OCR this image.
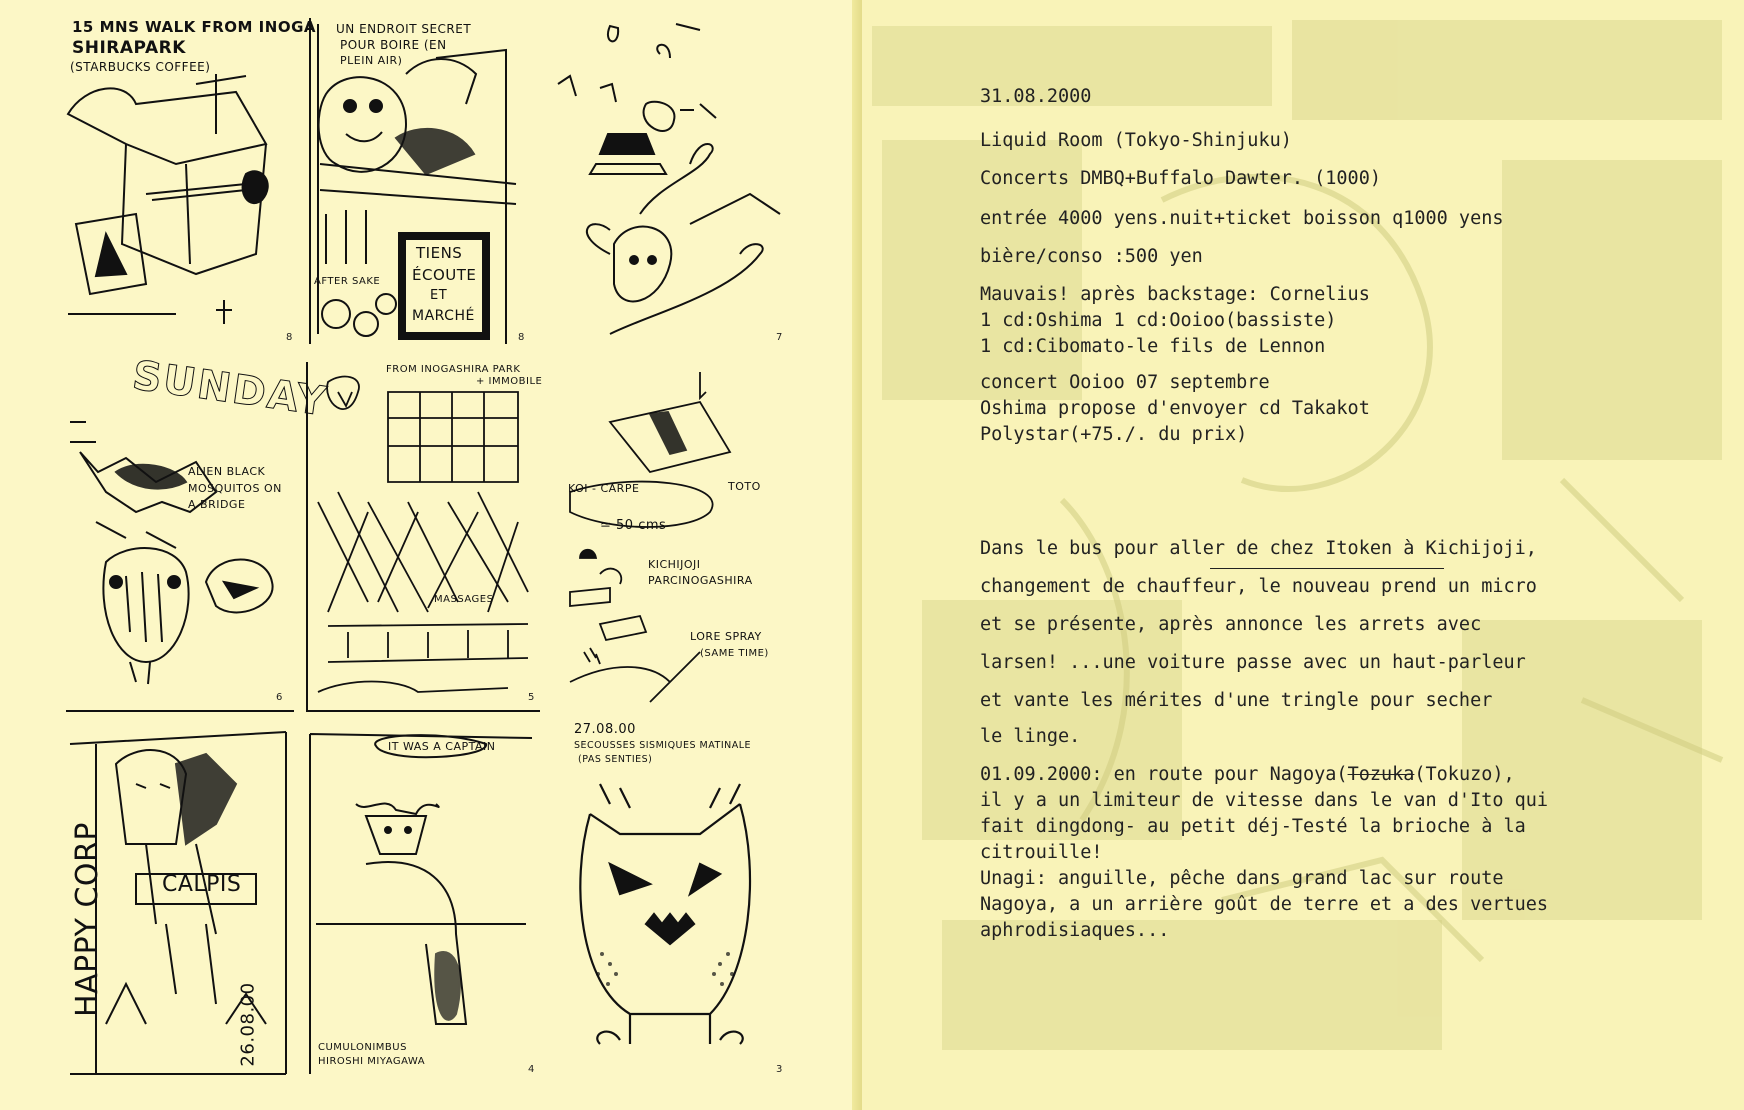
15 MNS WALK FROM INOGA
SHIRAPARK
(STARBUCKS COFFEE)
8
UN ENDROIT SECRET
POUR BOIRE (EN
PLEIN AIR)
TIENS
ÉCOUTE
ET
MARCHÉ
AFTER SAKE
8	7
SUNDAY
ALIEN BLACK MOSQUITOS ON A BRIDGE
6
FROM INOGASHIRA PARK
+ IMMOBILE
MASSAGES
5
KOI - CARPE	TOTO
≃ 50 cms
KICHIJOJI
PARCINOGASHIRA
LORE SPRAY
(SAME TIME)
HAPPY CORP	CALPIS
26.08.00
IT WAS A CAPTAIN
CUMULONIMBUS
HIROSHI MIYAGAWA
4
27.08.00
SECOUSSES SISMIQUES MATINALE
(PAS SENTIES)
3
31.08.2000
Liquid Room (Tokyo-Shinjuku)
Concerts DMBQ+Buffalo Dawter. (1000)
entrée 4000 yens.nuit+ticket boisson q1000 yens
bière/conso :500 yen
Mauvais! après backstage: Cornelius
1 cd:Oshima 1 cd:Ooioo(bassiste)
1 cd:Cibomato-le fils de Lennon
concert Ooioo 07 septembre
Oshima propose d'envoyer cd Takakot
Polystar(+75./. du prix)
Dans le bus pour aller de chez Itoken à Kichijoji,
changement de chauffeur, le nouveau prend un micro
et se présente, après annonce les arrets avec
larsen! ...une voiture passe avec un haut-parleur
et vante les mérites d'une tringle pour secher
le linge.
01.09.2000: en route pour Nagoya(Tozuka(Tokuzo),
il y a un limiteur de vitesse dans le van d'Ito qui
fait dingdong- au petit déj-Testé la brioche à la
citrouille!
Unagi: anguille, pêche dans grand lac sur route
Nagoya, a un arrière goût de terre et a des vertues
aphrodisiaques...
